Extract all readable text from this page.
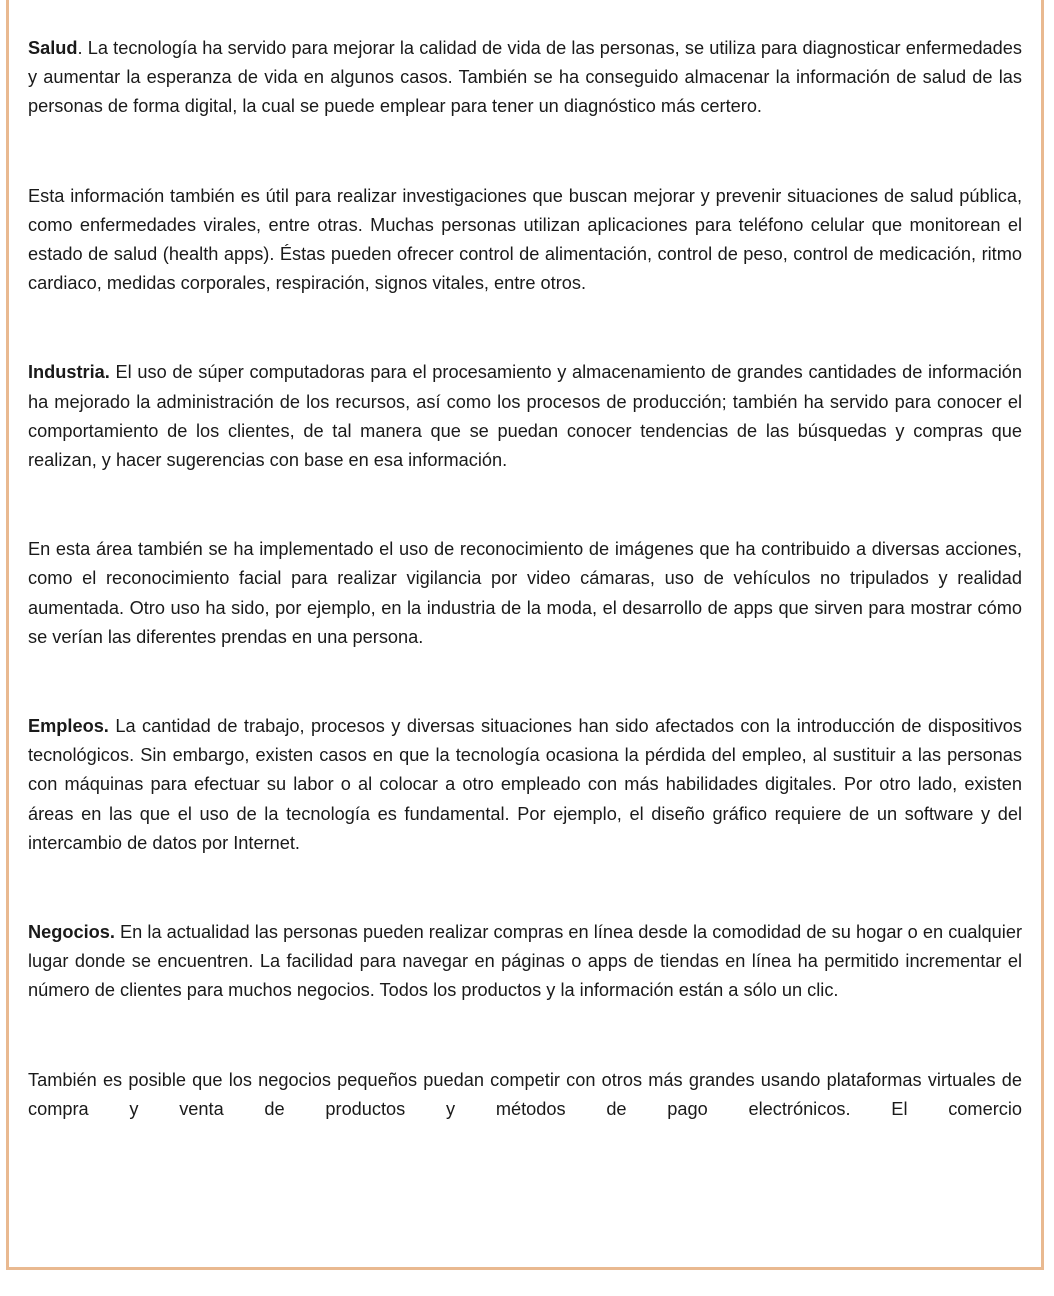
Salud. La tecnología ha servido para mejorar la calidad de vida de las personas, se utiliza para diagnosticar enfermedades y aumentar la esperanza de vida en algunos casos. También se ha conseguido almacenar la información de salud de las personas de forma digital, la cual se puede emplear para tener un diagnóstico más certero.

Esta información también es útil para realizar investigaciones que buscan mejorar y prevenir situaciones de salud pública, como enfermedades virales, entre otras. Muchas personas utilizan aplicaciones para teléfono celular que monitorean el estado de salud (health apps). Éstas pueden ofrecer control de alimentación, control de peso, control de medicación, ritmo cardiaco, medidas corporales, respiración, signos vitales, entre otros.

Industria. El uso de súper computadoras para el procesamiento y almacenamiento de grandes cantidades de información ha mejorado la administración de los recursos, así como los procesos de producción; también ha servido para conocer el comportamiento de los clientes, de tal manera que se puedan conocer tendencias de las búsquedas y compras que realizan, y hacer sugerencias con base en esa información.

En esta área también se ha implementado el uso de reconocimiento de imágenes que ha contribuido a diversas acciones, como el reconocimiento facial para realizar vigilancia por video cámaras, uso de vehículos no tripulados y realidad aumentada. Otro uso ha sido, por ejemplo, en la industria de la moda, el desarrollo de apps que sirven para mostrar cómo se verían las diferentes prendas en una persona.

Empleos. La cantidad de trabajo, procesos y diversas situaciones han sido afectados con la introducción de dispositivos tecnológicos. Sin embargo, existen casos en que la tecnología ocasiona la pérdida del empleo, al sustituir a las personas con máquinas para efectuar su labor o al colocar a otro empleado con más habilidades digitales. Por otro lado, existen áreas en las que el uso de la tecnología es fundamental. Por ejemplo, el diseño gráfico requiere de un software y del intercambio de datos por Internet.

Negocios. En la actualidad las personas pueden realizar compras en línea desde la comodidad de su hogar o en cualquier lugar donde se encuentren. La facilidad para navegar en páginas o apps de tiendas en línea ha permitido incrementar el número de clientes para muchos negocios. Todos los productos y la información están a sólo un clic.

También es posible que los negocios pequeños puedan competir con otros más grandes usando plataformas virtuales de compra y venta de productos y métodos de pago electrónicos. El comercio
